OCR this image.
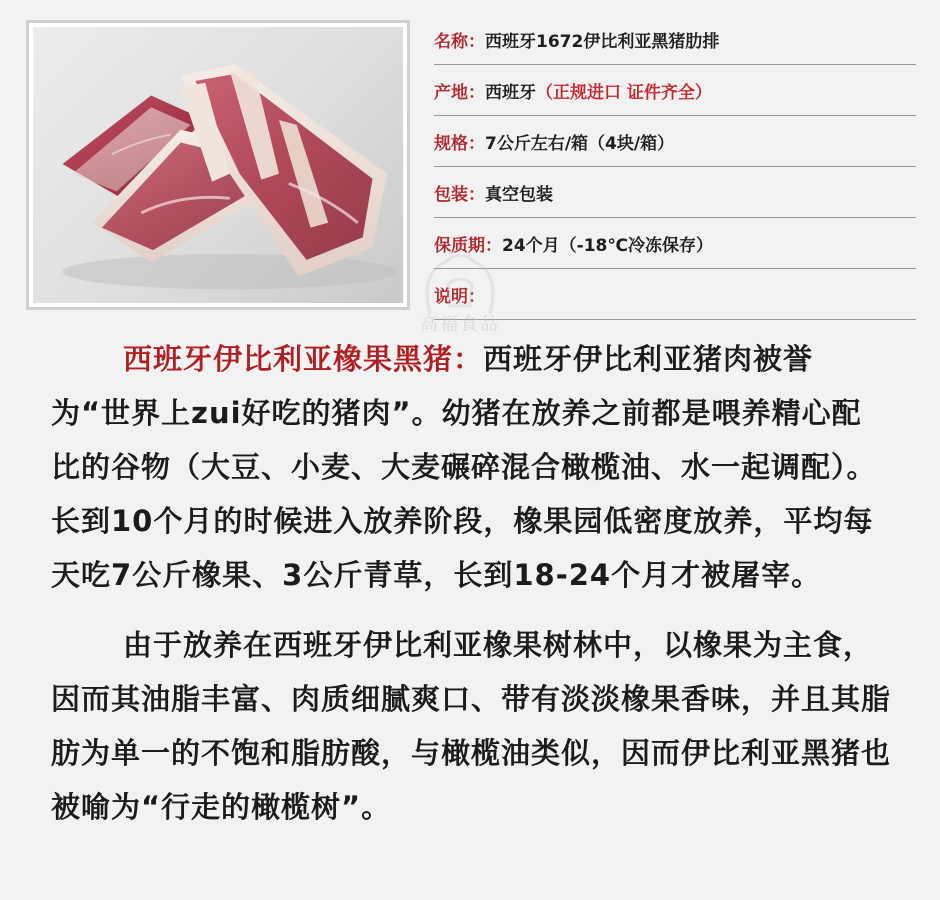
名称： 西班牙1672伊比利亚黑猪肋排
产地： 西班牙 （正规进口 证件齐全）
规格： 7公斤左右/箱（4块/箱）
包装： 真空包装
保质期： 24个月（-18℃冷冻保存）
说明：
高福食品

西班牙伊比利亚橡果黑猪：西班牙伊比利亚猪肉被誉为“世界上zui好吃的猪肉”。幼猪在放养之前都是喂养精心配比的谷物（大豆、小麦、大麦碾碎混合橄榄油、水一起调配）。长到10个月的时候进入放养阶段，橡果园低密度放养，平均每天吃7公斤橡果、3公斤青草，长到18-24个月才被屠宰。

由于放养在西班牙伊比利亚橡果树林中，以橡果为主食，因而其油脂丰富、肉质细腻爽口、带有淡淡橡果香味，并且其脂肪为单一的不饱和脂肪酸，与橄榄油类似，因而伊比利亚黑猪也被喻为“行走的橄榄树”。
